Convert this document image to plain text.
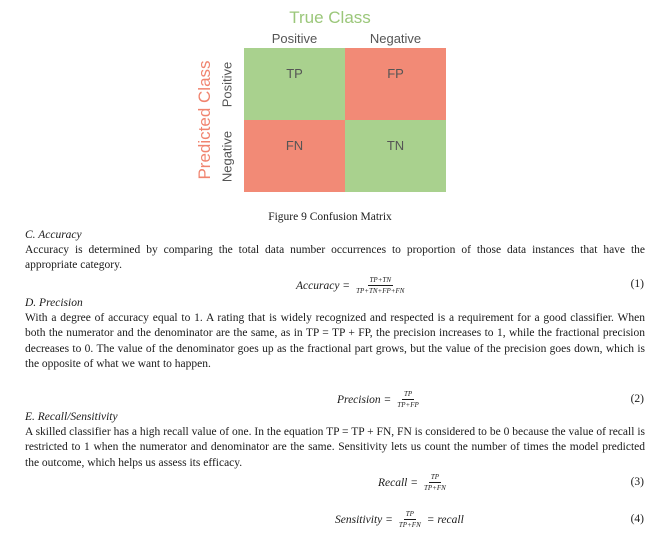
True Class
Positive	Negative
TP	FP
FN	TN
Positive
Negative
Predicted Class
Figure 9 Confusion Matrix
C. Accuracy
Accuracy is determined by comparing the total data number occurrences to proportion of those data instances that have the appropriate category.
Accuracy = $\frac{TP+TN}{TP+TN+FP+FN}$	(1)
D. Precision
With a degree of accuracy equal to 1. A rating that is widely recognized and respected is a requirement for a good classifier. When both the numerator and the denominator are the same, as in TP = TP + FP, the precision increases to 1, while the fractional precision decreases to 0. The value of the denominator goes up as the fractional part grows, but the value of the precision goes down, which is the opposite of what we want to happen.
Precision = $\frac{TP}{TP+FP}$	(2)
E. Recall/Sensitivity
A skilled classifier has a high recall value of one. In the equation TP = TP + FN, FN is considered to be 0 because the value of recall is restricted to 1 when the numerator and denominator are the same. Sensitivity lets us count the number of times the model predicted the outcome, which helps us assess its efficacy.
Recall = $\frac{TP}{TP+FN}$	(3)
Sensitivity = $\frac{TP}{TP+FN}$ = recall	(4)
